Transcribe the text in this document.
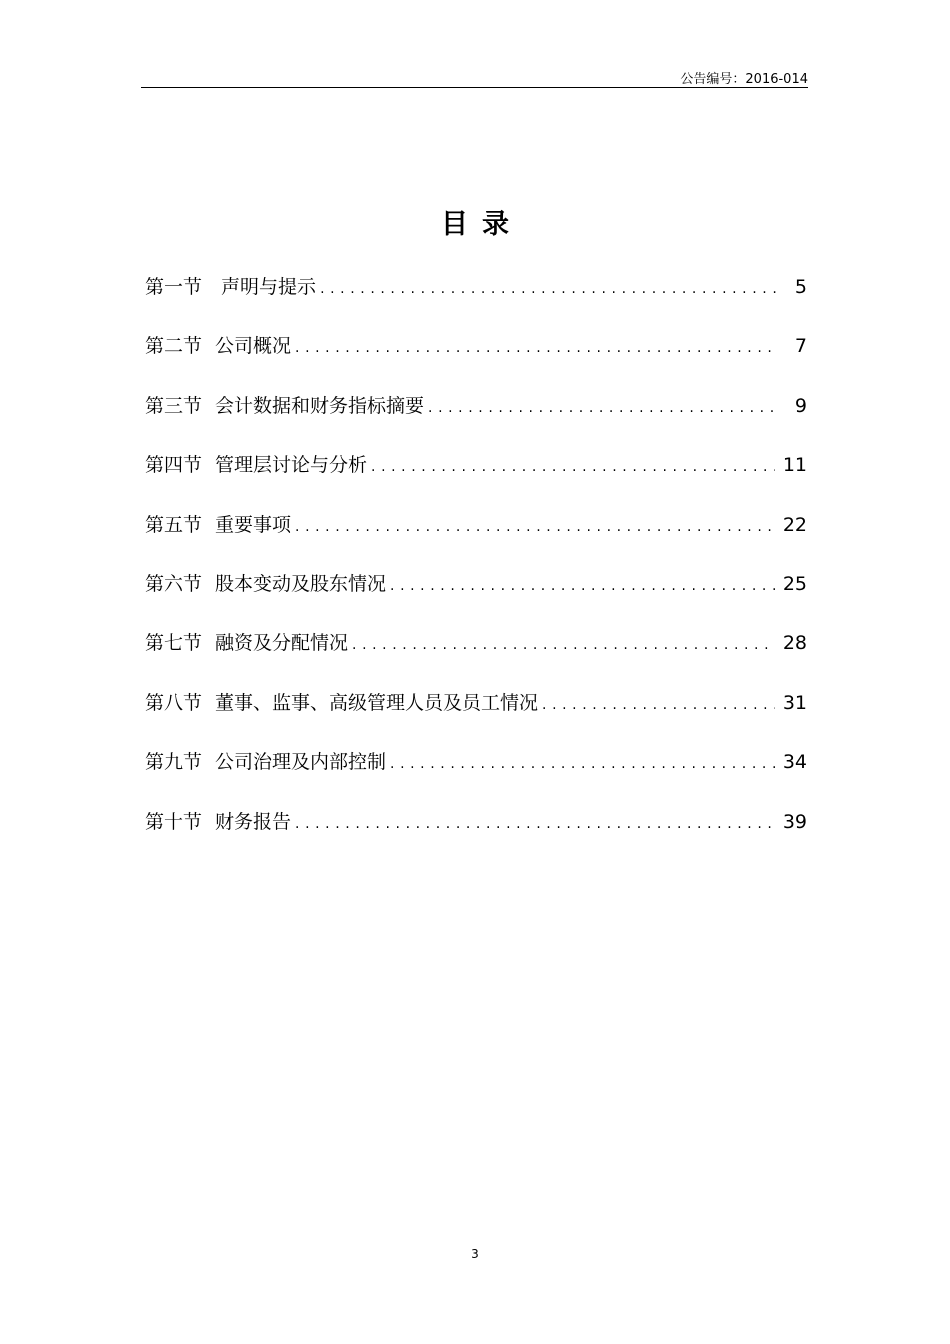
公告编号：2016-014
目录
第一节 声明与提示 .....	5
第二节 公司概况 .....	7
第三节 会计数据和财务指标摘要 .....	9
第四节 管理层讨论与分析 .....	11
第五节 重要事项 .....	22
第六节 股本变动及股东情况 .....	25
第七节 融资及分配情况 .....	28
第八节 董事、监事、高级管理人员及员工情况 .....	31
第九节 公司治理及内部控制 .....	34
第十节 财务报告 .....	39
3
